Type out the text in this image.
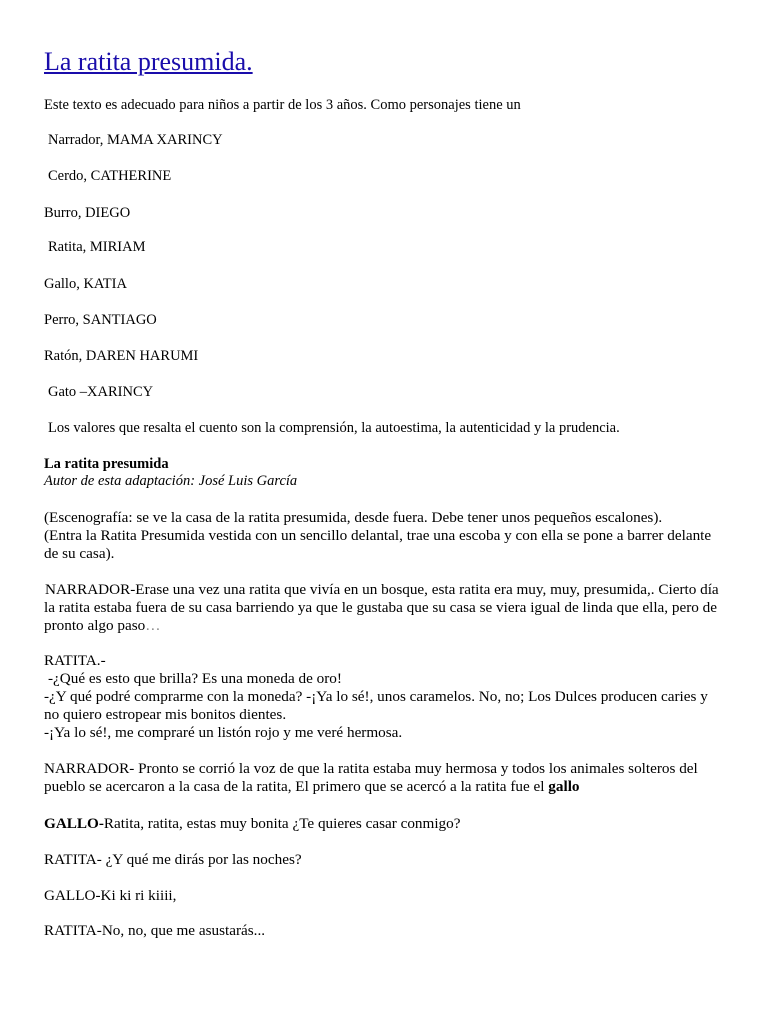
La ratita presumida.

Este texto es adecuado para niños a partir de los 3 años. Como personajes tiene un

Narrador, MAMA XARINCY

Cerdo, CATHERINE

Burro, DIEGO

Ratita, MIRIAM

Gallo, KATIA

Perro, SANTIAGO

Ratón, DAREN HARUMI

Gato –XARINCY

Los valores que resalta el cuento son la comprensión, la autoestima, la autenticidad y la prudencia.

La ratita presumida

Autor de esta adaptación: José Luis García

(Escenografía: se ve la casa de la ratita presumida, desde fuera. Debe tener unos pequeños escalones).

(Entra la Ratita Presumida vestida con un sencillo delantal, trae una escoba y con ella se pone a barrer delante

de su casa).

NARRADOR-Erase una vez una ratita que vivía en un bosque, esta ratita era muy, muy, presumida,. Cierto día

la ratita estaba fuera de su casa barriendo ya que le gustaba que su casa se viera igual de linda que ella, pero de

pronto algo paso…

RATITA.-

-¿Qué es esto que brilla? Es una moneda de oro!

-¿Y qué podré comprarme con la moneda? -¡Ya lo sé!, unos caramelos. No, no; Los Dulces producen caries y

no quiero estropear mis bonitos dientes.

-¡Ya lo sé!, me compraré un listón rojo y me veré hermosa.

NARRADOR- Pronto se corrió la voz de que la ratita estaba muy hermosa y todos los animales solteros del

pueblo se acercaron a la casa de la ratita, El primero que se acercó a la ratita fue el gallo

GALLO-Ratita, ratita, estas muy bonita ¿Te quieres casar conmigo?

RATITA- ¿Y qué me dirás por las noches?

GALLO-Ki ki ri kiiii,

RATITA-No, no, que me asustarás...
